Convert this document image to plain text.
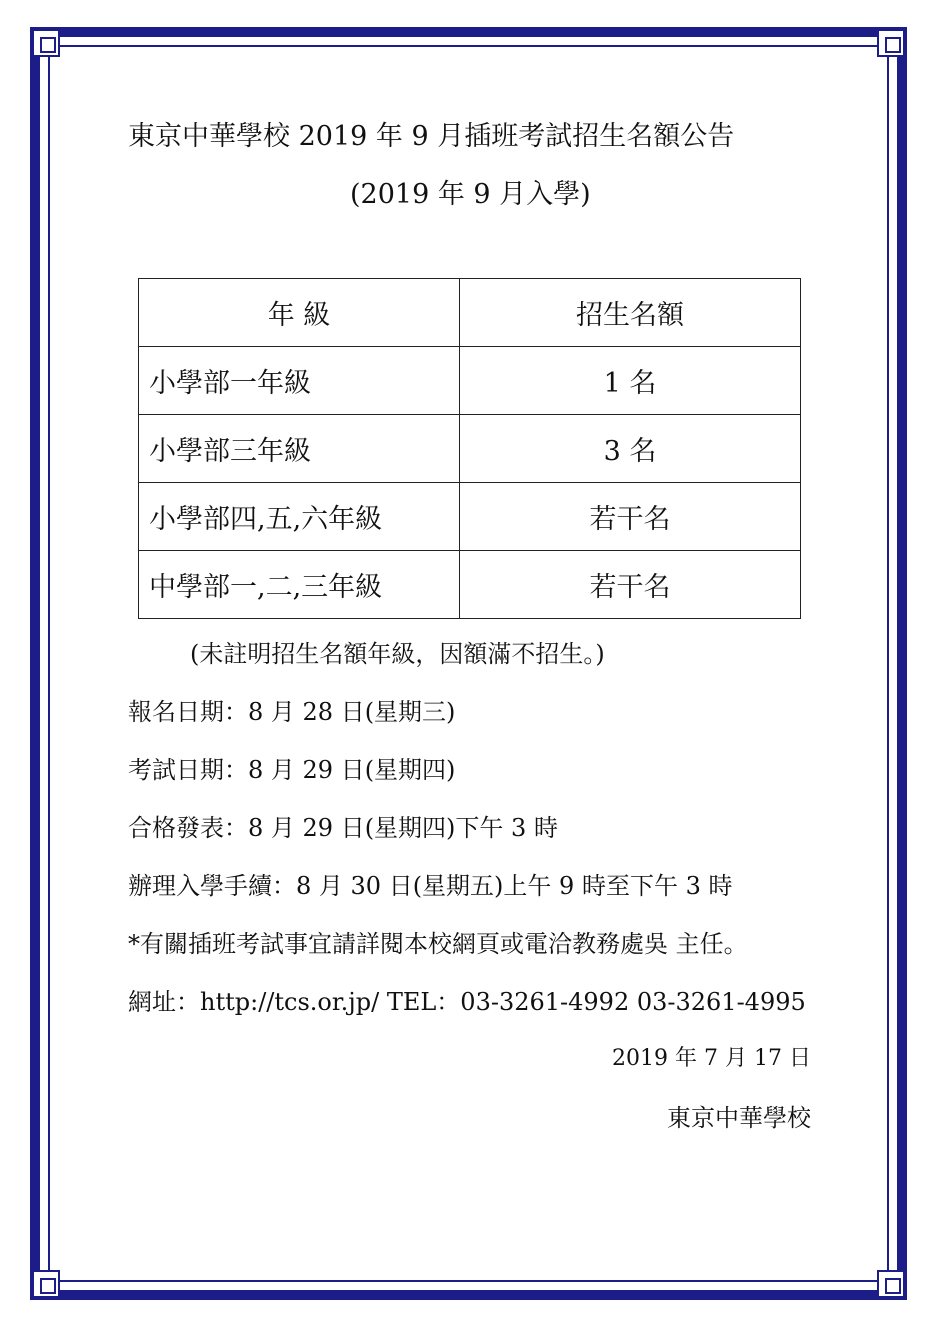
東京中華學校 2019 年 9 月插班考試招生名額公告
(2019 年 9 月入學)
年 級	招生名額
小學部一年級	1 名
小學部三年級	3 名
小學部四,五,六年級	若干名
中學部一,二,三年級	若干名
(未註明招生名額年級，因額滿不招生。)
報名日期：8 月 28 日(星期三)
考試日期：8 月 29 日(星期四)
合格發表：8 月 29 日(星期四)下午 3 時
辦理入學手續：8 月 30 日(星期五)上午 9 時至下午 3 時
*有關插班考試事宜請詳閱本校網頁或電洽教務處吳 主任。
網址：http://tcs.or.jp/ TEL：03-3261-4992 03-3261-4995
2019 年 7 月 17 日
東京中華學校
